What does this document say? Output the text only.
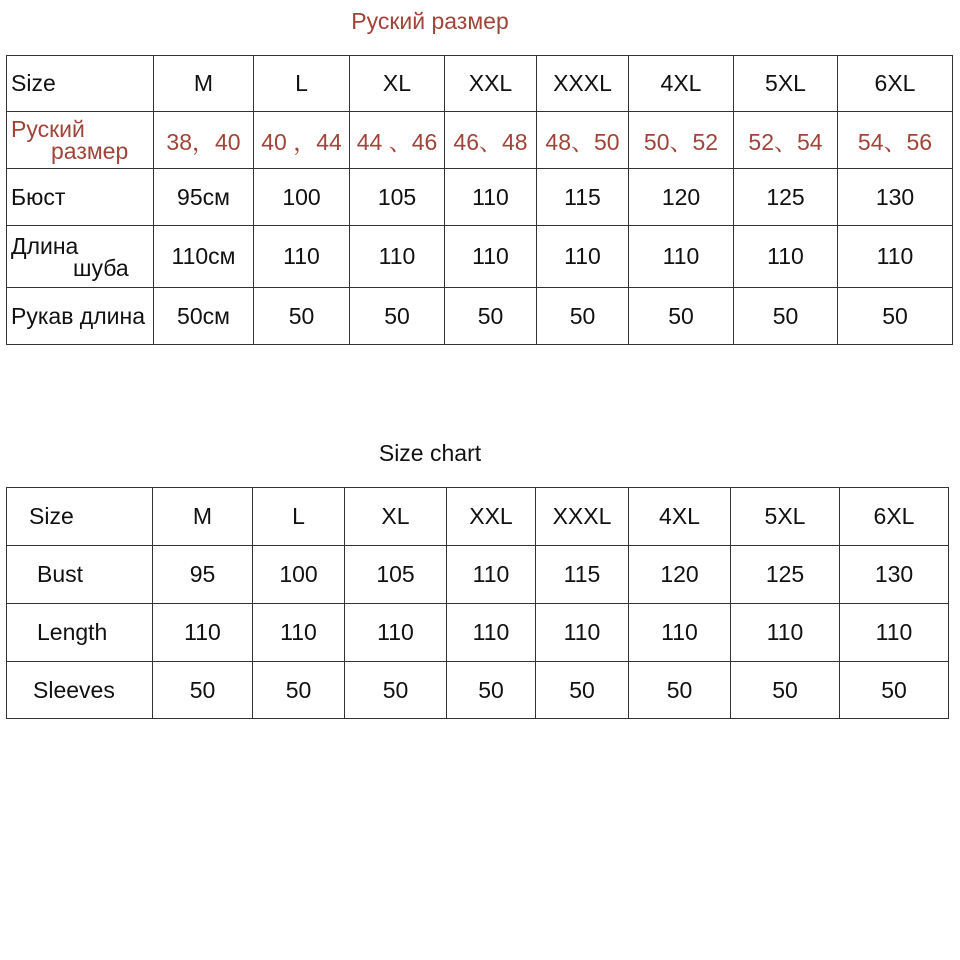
Руский размер
Size	M	L	XL	XXL	XXXL	4XL	5XL	6XL

Руский
размер	38，40	40 ，44	44 、46	46、48	48、50	50、52	52、54	54、56
Бюст	95см	100	105	110	115	120	125	130

Длина
шуба	110см	110	110	110	110	110	110	110
Рукав длина	50см	50	50	50	50	50	50	50
Size chart
Size	M	L	XL	XXL	XXXL	4XL	5XL	6XL
Bust	95	100	105	110	115	120	125	130
Length	110	110	110	110	110	110	110	110
Sleeves	50	50	50	50	50	50	50	50
